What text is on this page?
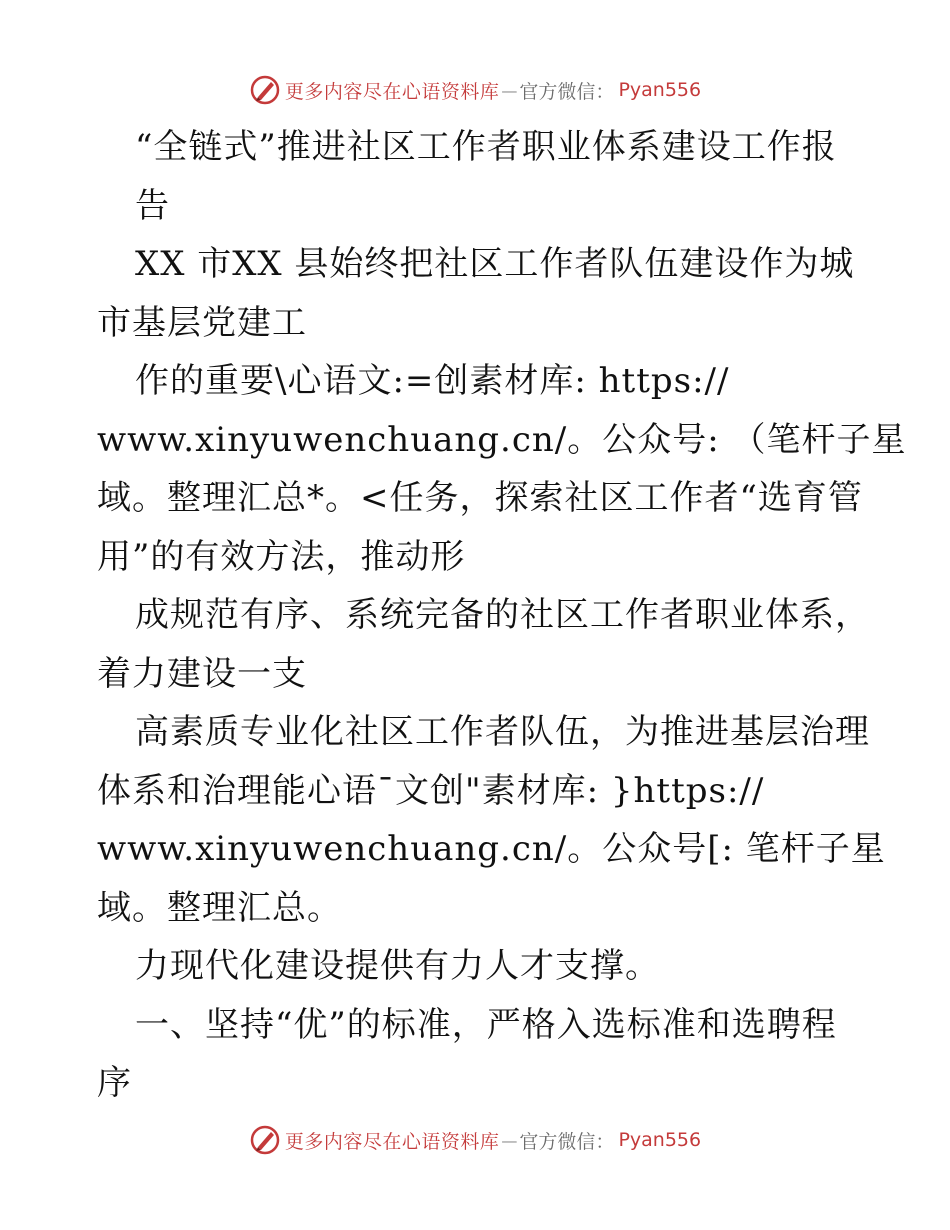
更多内容尽在心语资料库 — 官方微信： Pyan556
“全链式”推进社区工作者职业体系建设工作报
告
XX 市XX 县始终把社区工作者队伍建设作为城
市基层党建工
作的重要\心语文:=创素材库: https://
www.xinyuwenchuang.cn/。公众号: （笔杆子星
域。整理汇总*。<任务，探索社区工作者“选育管
用”的有效方法，推动形
成规范有序、系统完备的社区工作者职业体系，
着力建设一支
高素质专业化社区工作者队伍，为推进基层治理
体系和治理能心语¯文创"素材库: }https://
www.xinyuwenchuang.cn/。公众号[: 笔杆子星
域。整理汇总。
力现代化建设提供有力人才支撑。
一、坚持“优”的标准，严格入选标准和选聘程
序
更多内容尽在心语资料库 — 官方微信： Pyan556
